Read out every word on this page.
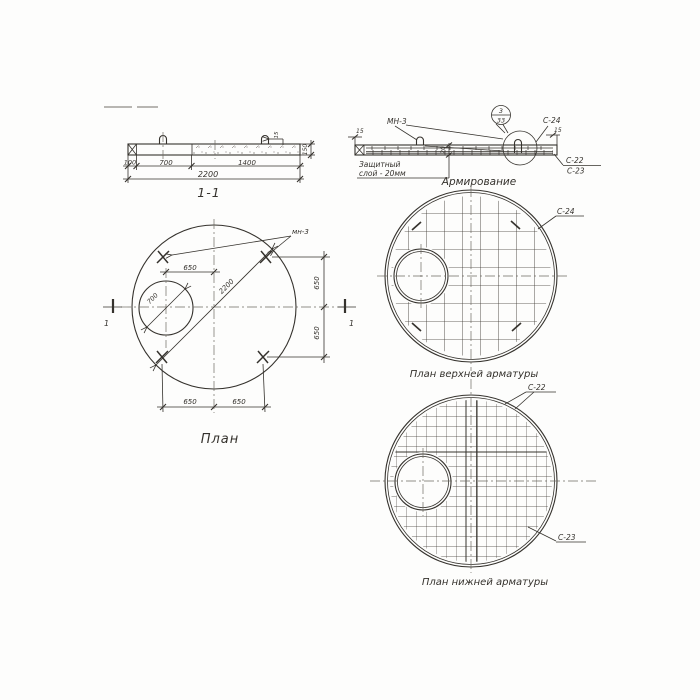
15
100	700	1400
2200
150
1-1
3
33
МН-3
15	15
С-24
С-22
С-23
Защитный
слой - 20мм
20
Армирование
2200
700
650
мн-3
650
650
650	650
1	1
План
С-24
План верхней арматуры
С-22
С-23
План нижней арматуры
